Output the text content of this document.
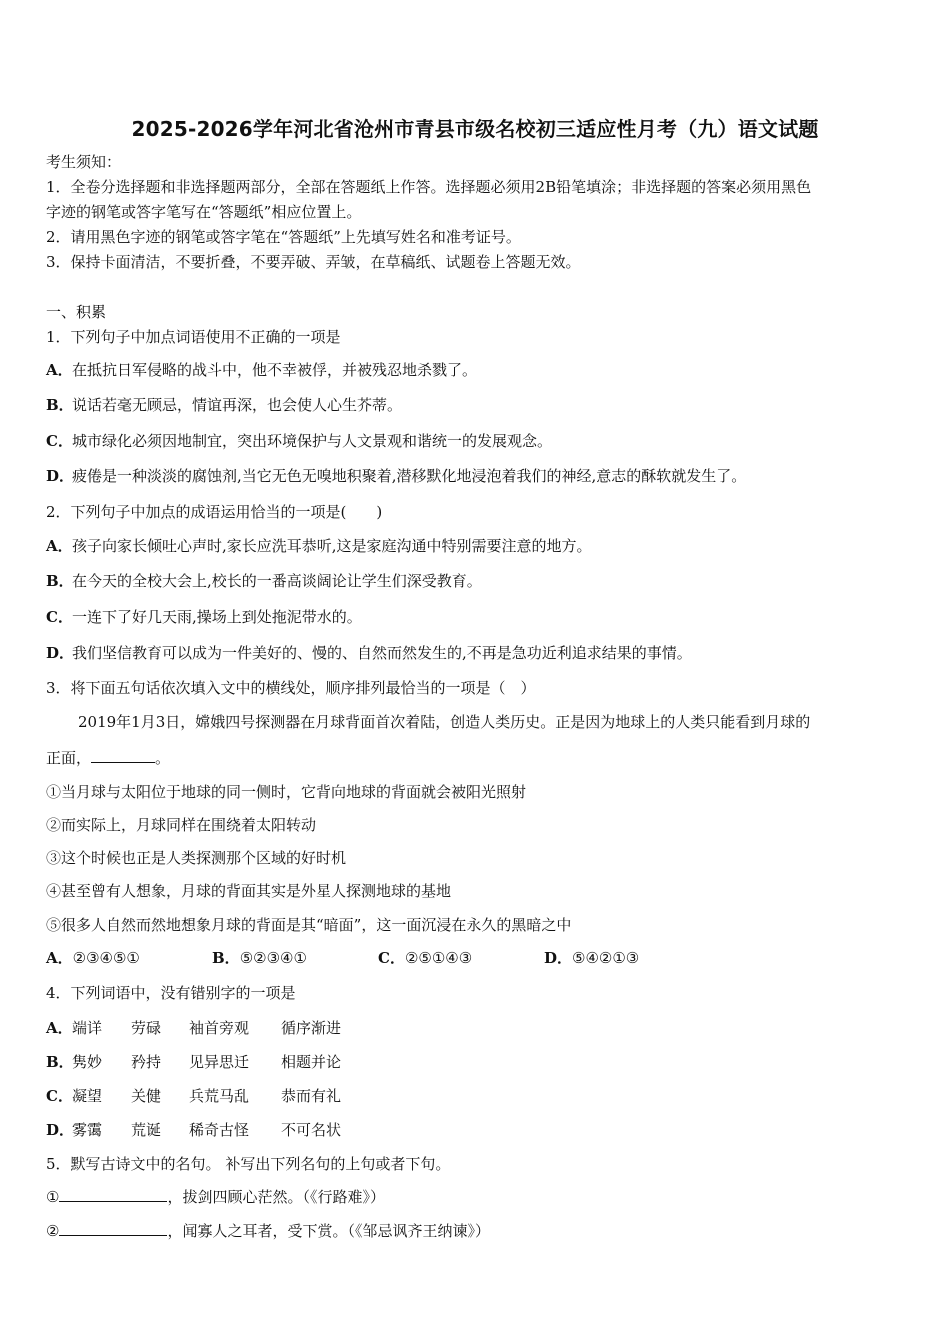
2025-2026学年河北省沧州市青县市级名校初三适应性月考（九）语文试题
考生须知：
1．全卷分选择题和非选择题两部分，全部在答题纸上作答。选择题必须用2B铅笔填涂；非选择题的答案必须用黑色
字迹的钢笔或答字笔写在“答题纸”相应位置上。
2．请用黑色字迹的钢笔或答字笔在“答题纸”上先填写姓名和准考证号。
3．保持卡面清洁，不要折叠，不要弄破、弄皱，在草稿纸、试题卷上答题无效。
一、积累
1．下列句子中加点词语使用不正确的一项是
A．在抵抗日军侵略的战斗中，他不幸被俘，并被残忍地杀戮了。
B．说话若毫无顾忌，情谊再深，也会使人心生芥蒂。
C．城市绿化必须因地制宜，突出环境保护与人文景观和谐统一的发展观念。
D．疲倦是一种淡淡的腐蚀剂,当它无色无嗅地积聚着,潜移默化地浸泡着我们的神经,意志的酥软就发生了。
2．下列句子中加点的成语运用恰当的一项是(　　)
A．孩子向家长倾吐心声时,家长应洗耳恭听,这是家庭沟通中特别需要注意的地方。
B．在今天的全校大会上,校长的一番高谈阔论让学生们深受教育。
C．一连下了好几天雨,操场上到处拖泥带水的。
D．我们坚信教育可以成为一件美好的、慢的、自然而然发生的,不再是急功近利追求结果的事情。
3．将下面五句话依次填入文中的横线处，顺序排列最恰当的一项是（　）
2019年1月3日，嫦娥四号探测器在月球背面首次着陆，创造人类历史。正是因为地球上的人类只能看到月球的
正面，	。
①当月球与太阳位于地球的同一侧时，它背向地球的背面就会被阳光照射
②而实际上，月球同样在围绕着太阳转动
③这个时候也正是人类探测那个区域的好时机
④甚至曾有人想象，月球的背面其实是外星人探测地球的基地
⑤很多人自然而然地想象月球的背面是其“暗面”，这一面沉浸在永久的黑暗之中
A．②③④⑤①	B．⑤②③④①	C．②⑤①④③	D．⑤④②①③
4．下列词语中，没有错别字的一项是
A．端详 劳碌 袖首旁观 循序渐进
B．隽妙 矜持 见异思迁 相题并论
C．凝望 关健 兵荒马乱 恭而有礼
D．雾霭 荒诞 稀奇古怪 不可名状
5．默写古诗文中的名句。 补写出下列名句的上句或者下句。
①	，拔剑四顾心茫然。（《行路难》）
②	，闻寡人之耳者，受下赏。（《邹忌讽齐王纳谏》）
